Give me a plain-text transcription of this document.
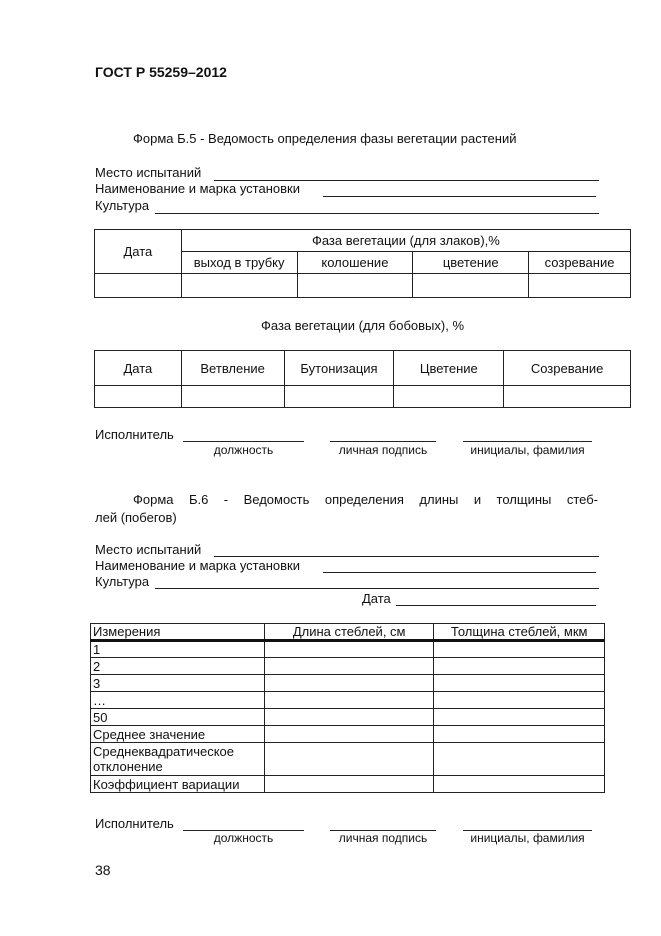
ГОСТ Р 55259–2012
Форма Б.5 - Ведомость определения фазы вегетации растений
Место испытаний
Наименование и марка установки
Культура
Дата	Фаза вегетации (для злаков),%			
	выход в трубку	колошение	цветение	созревание

Фаза вегетации (для бобовых), %
Дата	Ветвление	Бутонизация	Цветение	Созревание

Исполнитель
должность	личная подпись	инициалы, фамилия
Форма Б.6 - Ведомость определения длины и толщины стеб-
лей (побегов)
Место испытаний
Наименование и марка установки
Культура
Дата
Измерения	Длина стеблей, см	Толщина стеблей, мкм
1		
2		
3		
…		
50		
Среднее значение		
Среднеквадратическое отклонение		
Коэффициент вариации		
Исполнитель
должность	личная подпись	инициалы, фамилия
38
